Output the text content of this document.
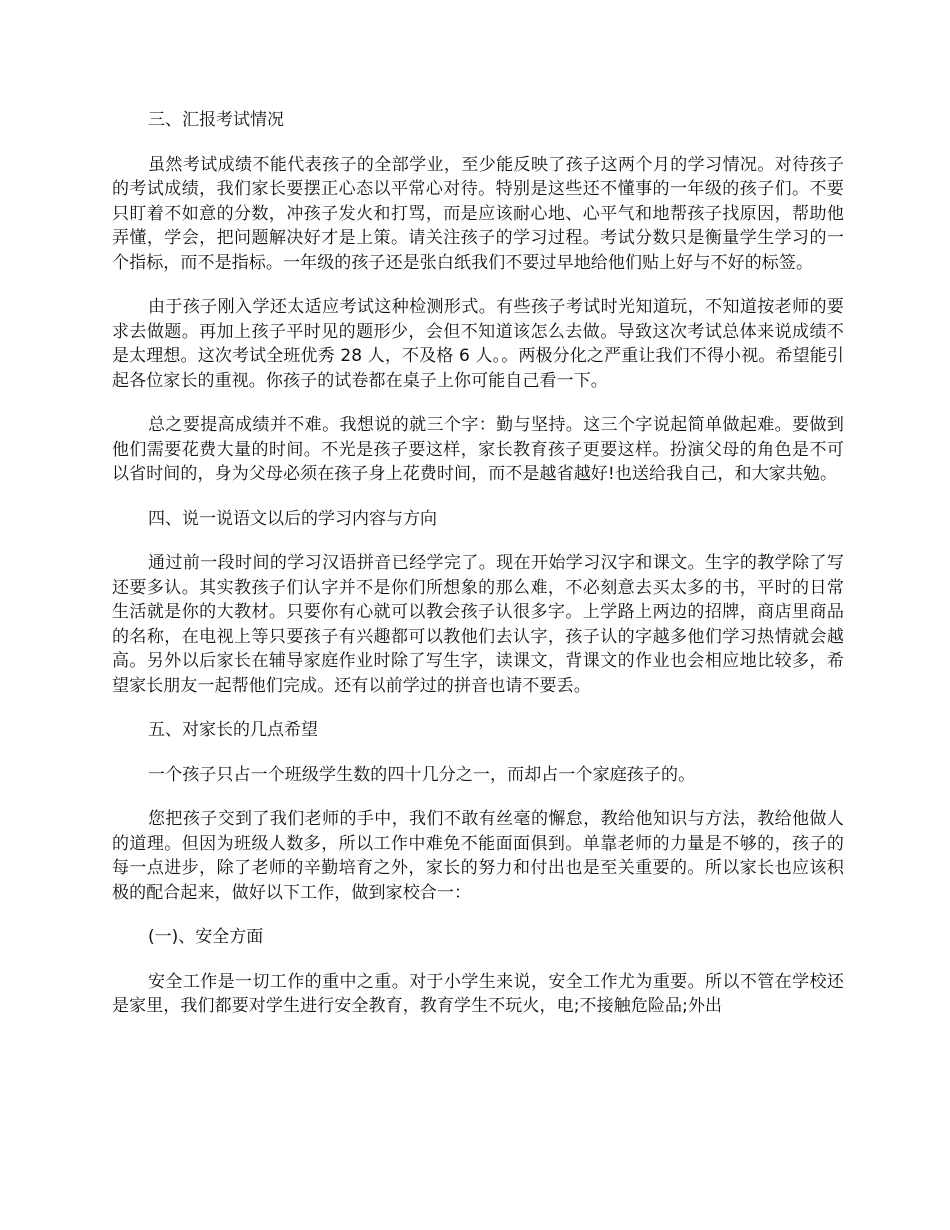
三、汇报考试情况

虽然考试成绩不能代表孩子的全部学业，至少能反映了孩子这两个月的学习情况。对待孩子的考试成绩，我们家长要摆正心态以平常心对待。特别是这些还不懂事的一年级的孩子们。不要只盯着不如意的分数，冲孩子发火和打骂，而是应该耐心地、心平气和地帮孩子找原因，帮助他弄懂，学会，把问题解决好才是上策。请关注孩子的学习过程。考试分数只是衡量学生学习的一个指标，而不是指标。一年级的孩子还是张白纸我们不要过早地给他们贴上好与不好的标签。

由于孩子刚入学还太适应考试这种检测形式。有些孩子考试时光知道玩，不知道按老师的要求去做题。再加上孩子平时见的题形少，会但不知道该怎么去做。导致这次考试总体来说成绩不是太理想。这次考试全班优秀 28 人，不及格 6 人。。两极分化之严重让我们不得小视。希望能引起各位家长的重视。你孩子的试卷都在桌子上你可能自己看一下。

总之要提高成绩并不难。我想说的就三个字：勤与坚持。这三个字说起简单做起难。要做到他们需要花费大量的时间。不光是孩子要这样，家长教育孩子更要这样。扮演父母的角色是不可以省时间的，身为父母必须在孩子身上花费时间，而不是越省越好!也送给我自己，和大家共勉。

四、说一说语文以后的学习内容与方向

通过前一段时间的学习汉语拼音已经学完了。现在开始学习汉字和课文。生字的教学除了写还要多认。其实教孩子们认字并不是你们所想象的那么难，不必刻意去买太多的书，平时的日常生活就是你的大教材。只要你有心就可以教会孩子认很多字。上学路上两边的招牌，商店里商品的名称，在电视上等只要孩子有兴趣都可以教他们去认字，孩子认的字越多他们学习热情就会越高。另外以后家长在辅导家庭作业时除了写生字，读课文，背课文的作业也会相应地比较多，希望家长朋友一起帮他们完成。还有以前学过的拼音也请不要丢。

五、对家长的几点希望

一个孩子只占一个班级学生数的四十几分之一，而却占一个家庭孩子的。

您把孩子交到了我们老师的手中，我们不敢有丝毫的懈怠，教给他知识与方法，教给他做人的道理。但因为班级人数多，所以工作中难免不能面面俱到。单靠老师的力量是不够的，孩子的每一点进步，除了老师的辛勤培育之外，家长的努力和付出也是至关重要的。所以家长也应该积极的配合起来，做好以下工作，做到家校合一：

(一)、安全方面

安全工作是一切工作的重中之重。对于小学生来说，安全工作尤为重要。所以不管在学校还是家里，我们都要对学生进行安全教育，教育学生不玩火，电;不接触危险品;外出
